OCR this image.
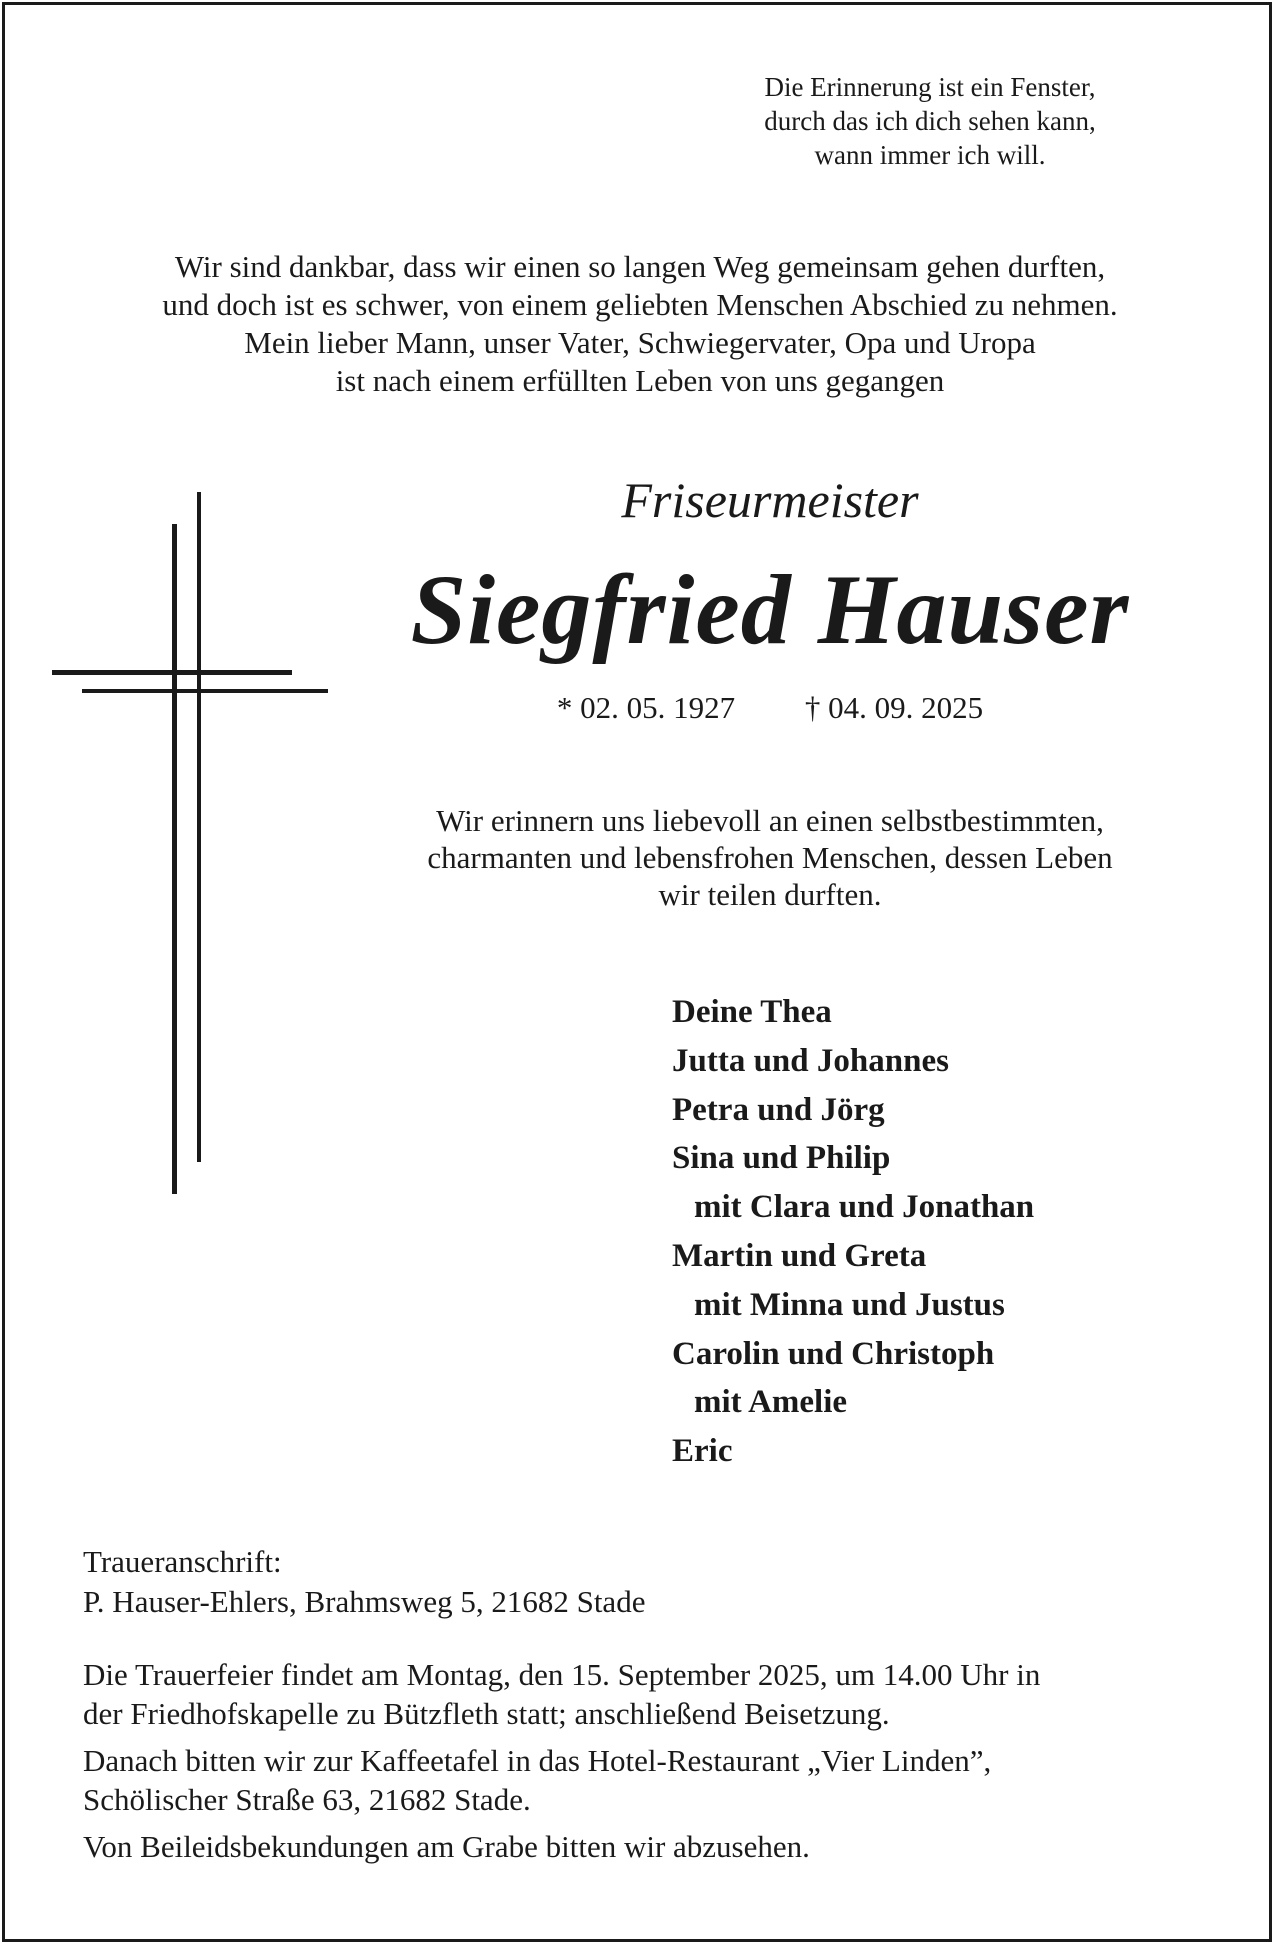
Die Erinnerung ist ein Fenster,
durch das ich dich sehen kann,
wann immer ich will.
Wir sind dankbar, dass wir einen so langen Weg gemeinsam gehen durften,
und doch ist es schwer, von einem geliebten Menschen Abschied zu nehmen.
Mein lieber Mann, unser Vater, Schwiegervater, Opa und Uropa
ist nach einem erfüllten Leben von uns gegangen
Friseurmeister
Siegfried Hauser
* 02. 05. 1927 † 04. 09. 2025
Wir erinnern uns liebevoll an einen selbstbestimmten,
charmanten und lebensfrohen Menschen, dessen Leben
wir teilen durften.
Deine Thea
Jutta und Johannes
Petra und Jörg
Sina und Philip
mit Clara und Jonathan
Martin und Greta
mit Minna und Justus
Carolin und Christoph
mit Amelie
Eric
Traueranschrift:
P. Hauser-Ehlers, Brahmsweg 5, 21682 Stade

Die Trauerfeier findet am Montag, den 15. September 2025, um 14.00 Uhr in
der Friedhofskapelle zu Bützfleth statt; anschließend Beisetzung.

Danach bitten wir zur Kaffeetafel in das Hotel-Restaurant „Vier Linden”,
Schölischer Straße 63, 21682 Stade.

Von Beileidsbekundungen am Grabe bitten wir abzusehen.
